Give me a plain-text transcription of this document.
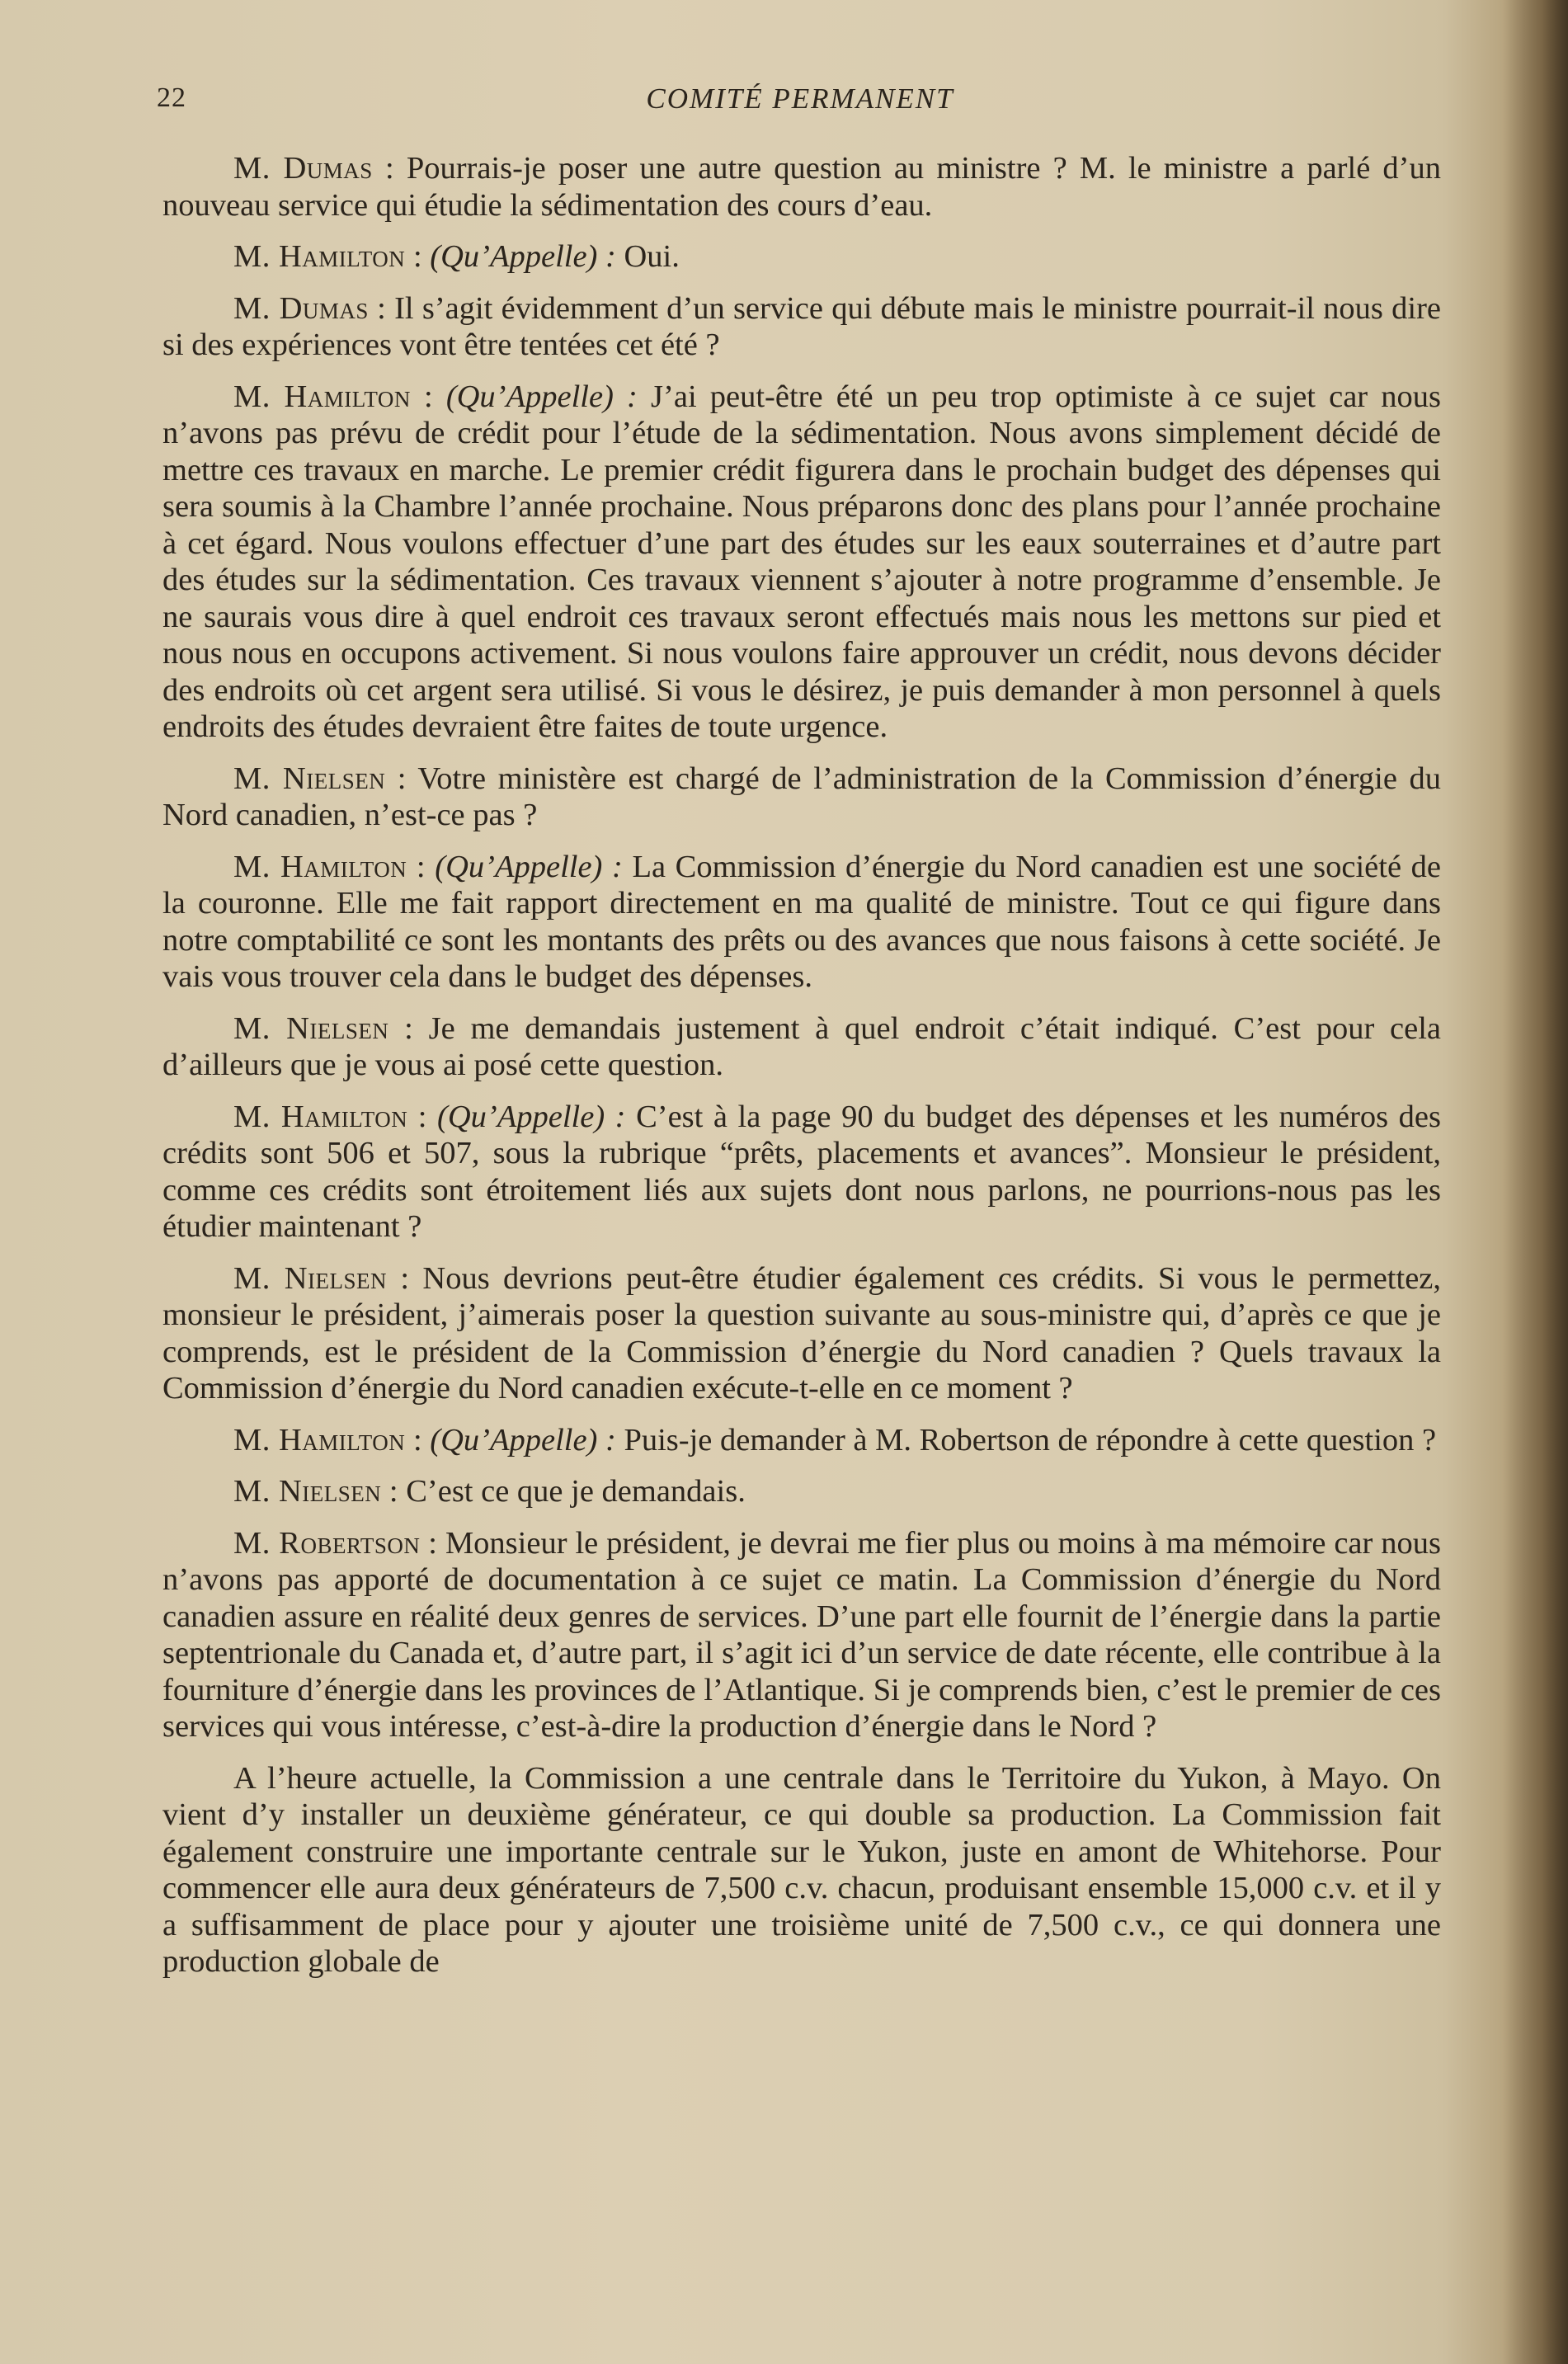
22	COMITÉ PERMANENT

M. Dumas : Pourrais-je poser une autre question au ministre ? M. le ministre a parlé d’un nouveau service qui étudie la sédimentation des cours d’eau.

M. Hamilton : (Qu’Appelle) : Oui.

M. Dumas : Il s’agit évidemment d’un service qui débute mais le ministre pourrait-il nous dire si des expériences vont être tentées cet été ?

M. Hamilton : (Qu’Appelle) : J’ai peut-être été un peu trop optimiste à ce sujet car nous n’avons pas prévu de crédit pour l’étude de la sédimentation. Nous avons simplement décidé de mettre ces travaux en marche. Le premier crédit figurera dans le prochain budget des dépenses qui sera soumis à la Chambre l’année prochaine. Nous préparons donc des plans pour l’année prochaine à cet égard. Nous voulons effectuer d’une part des études sur les eaux souterraines et d’autre part des études sur la sédimentation. Ces travaux viennent s’ajouter à notre programme d’ensemble. Je ne saurais vous dire à quel endroit ces travaux seront effectués mais nous les mettons sur pied et nous nous en occupons activement. Si nous voulons faire approuver un crédit, nous devons décider des endroits où cet argent sera utilisé. Si vous le désirez, je puis demander à mon personnel à quels endroits des études devraient être faites de toute urgence.

M. Nielsen : Votre ministère est chargé de l’administration de la Commission d’énergie du Nord canadien, n’est-ce pas ?

M. Hamilton : (Qu’Appelle) : La Commission d’énergie du Nord canadien est une société de la couronne. Elle me fait rapport directement en ma qualité de ministre. Tout ce qui figure dans notre comptabilité ce sont les montants des prêts ou des avances que nous faisons à cette société. Je vais vous trouver cela dans le budget des dépenses.

M. Nielsen : Je me demandais justement à quel endroit c’était indiqué. C’est pour cela d’ailleurs que je vous ai posé cette question.

M. Hamilton : (Qu’Appelle) : C’est à la page 90 du budget des dépenses et les numéros des crédits sont 506 et 507, sous la rubrique “prêts, placements et avances”. Monsieur le président, comme ces crédits sont étroitement liés aux sujets dont nous parlons, ne pourrions-nous pas les étudier maintenant ?

M. Nielsen : Nous devrions peut-être étudier également ces crédits. Si vous le permettez, monsieur le président, j’aimerais poser la question suivante au sous-ministre qui, d’après ce que je comprends, est le président de la Commission d’énergie du Nord canadien ? Quels travaux la Commission d’énergie du Nord canadien exécute-t-elle en ce moment ?

M. Hamilton : (Qu’Appelle) : Puis-je demander à M. Robertson de répondre à cette question ?

M. Nielsen : C’est ce que je demandais.

M. Robertson : Monsieur le président, je devrai me fier plus ou moins à ma mémoire car nous n’avons pas apporté de documentation à ce sujet ce matin. La Commission d’énergie du Nord canadien assure en réalité deux genres de services. D’une part elle fournit de l’énergie dans la partie septentrionale du Canada et, d’autre part, il s’agit ici d’un service de date récente, elle contribue à la fourniture d’énergie dans les provinces de l’Atlantique. Si je comprends bien, c’est le premier de ces services qui vous intéresse, c’est-à-dire la production d’énergie dans le Nord ?

A l’heure actuelle, la Commission a une centrale dans le Territoire du Yukon, à Mayo. On vient d’y installer un deuxième générateur, ce qui double sa production. La Commission fait également construire une importante centrale sur le Yukon, juste en amont de Whitehorse. Pour commencer elle aura deux générateurs de 7,500 c.v. chacun, produisant ensemble 15,000 c.v. et il y a suffisamment de place pour y ajouter une troisième unité de 7,500 c.v., ce qui donnera une production globale de
